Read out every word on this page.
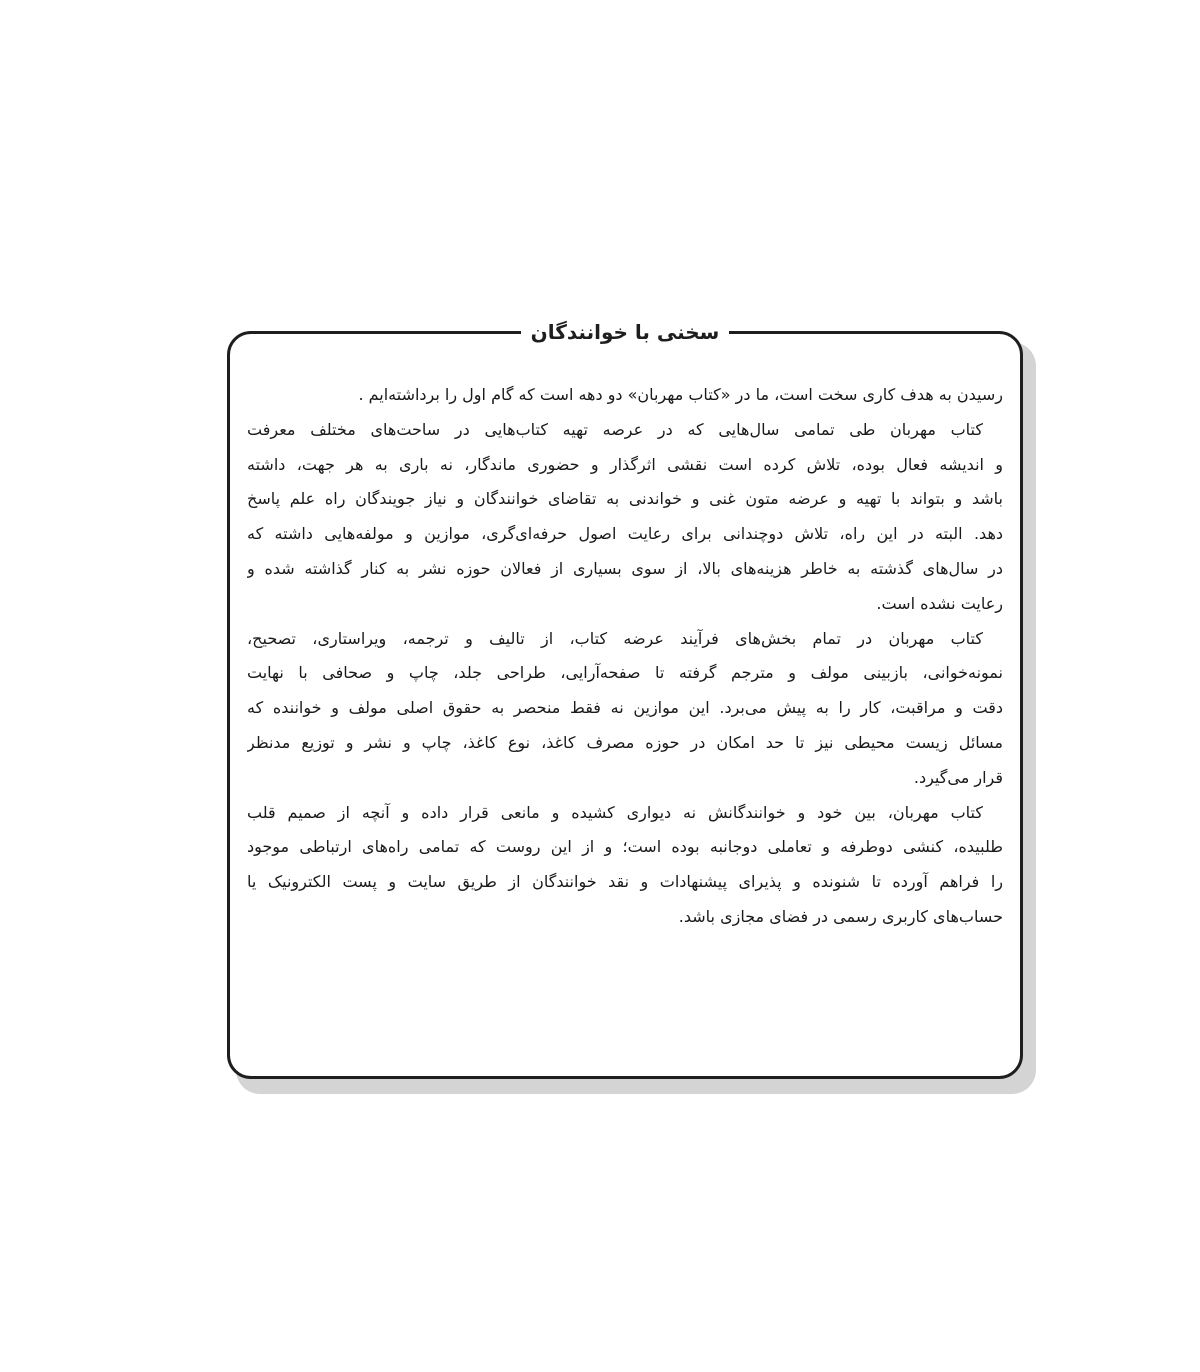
سخنی با خوانندگان
رسیدن به هدف کاری سخت است، ما در «کتاب مهربان» دو دهه است که گام اول را برداشته‌ایم .
کتاب مهربان طی تمامی سال‌هایی که در عرصه تهیه کتاب‌هایی در ساحت‌های مختلف معرفت
و اندیشه فعال بوده، تلاش کرده است نقشی اثرگذار و حضوری ماندگار، نه باری به هر جهت، داشته
باشد و بتواند با تهیه و عرضه متون غنی و خواندنی به تقاضای خوانندگان و نیاز جویندگان راه علم پاسخ
دهد. البته در این راه، تلاش دوچندانی برای رعایت اصول حرفه‌ای‌گری، موازین و مولفه‌هایی داشته که
در سال‌های گذشته به خاطر هزینه‌های بالا، از سوی بسیاری از فعالان حوزه نشر به کنار گذاشته شده و
رعایت نشده است.
کتاب مهربان در تمام بخش‌های فرآیند عرضه کتاب، از تالیف و ترجمه، ویراستاری، تصحیح،
نمونه‌خوانی، بازبینی مولف و مترجم گرفته تا صفحه‌آرایی، طراحی جلد، چاپ و صحافی با نهایت
دقت و مراقبت، کار را به پیش می‌برد. این موازین نه فقط منحصر به حقوق اصلی مولف و خواننده که
مسائل زیست محیطی نیز تا حد امکان در حوزه مصرف کاغذ، نوع کاغذ، چاپ و نشر و توزیع مدنظر
قرار می‌گیرد.
کتاب مهربان، بین خود و خوانندگانش نه دیواری کشیده و مانعی قرار داده و آنچه از صمیم قلب
طلبیده، کنشی دوطرفه و تعاملی دوجانبه بوده است؛ و از این روست که تمامی راه‌های ارتباطی موجود
را فراهم آورده تا شنونده و پذیرای پیشنهادات و نقد خوانندگان از طریق سایت و پست الکترونیک یا
حساب‌های کاربری رسمی در فضای مجازی باشد.
